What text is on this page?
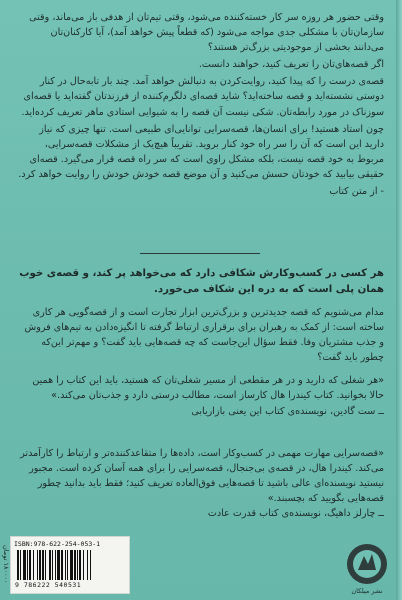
وقتی حضور هر روزه سر کار خسته‌کننده می‌شود، وقتی تیم‌تان از هدفی باز می‌ماند، وقتی سازمان‌تان با مشکلی جدی مواجه می‌شود (که قطعاً پیش خواهد آمد)، آیا کارکنان‌تان می‌دانند بخشی از موجودیتی بزرگ‌تر هستند؟

اگر قصه‌های‌تان را تعریف کنید، خواهند دانست.

قصه‌ی درست را که پیدا کنید، روایت‌کردن به دنبالش خواهد آمد. چند بار تابه‌حال در کنار دوستی نشسته‌اید و قصه ساخته‌اید؟ شاید قصه‌ای دلگرم‌کننده از فرزندتان گفته‌اید یا قصه‌ای سوزناک در مورد رابطه‌تان. شکی نیست آن قصه را به شیوایی استادی ماهر تعریف کرده‌اید.

چون استاد هستید! برای انسان‌ها، قصه‌سرایی توانایی‌ای طبیعی است. تنها چیزی که نیاز دارید این است که آن را سر راه خود کنار بروید. تقریباً هیچ‌یک از مشکلات قصه‌سرایی، مربوط به خود قصه نیست، بلکه مشکل راوی است که سر راه قصه قرار می‌گیرد. قصه‌ای حقیقی بیابید که خودتان حسش می‌کنید و آن موضع قصه خودش خودش را روایت خواهد کرد.

- از متن کتاب

هر کسی در کسب‌وکارش شکافی دارد که می‌خواهد پر کند، و قصه‌ی خوب همان پلی است که به دره این شکاف می‌خورد.

مدام می‌شنویم که قصه جدیدترین و بزرگ‌ترین ابزار تجارت است و از قصه‌گویی هر کاری ساخته است: از کمک به رهبران برای برقراری ارتباط گرفته تا انگیزه‌دادن به تیم‌های فروش و جذب مشتریان وفا. فقط سؤال این‌جاست که چه قصه‌هایی باید گفت؟ و مهم‌تر این‌که چطور باید گفت؟

«هر شغلی که دارید و در هر مقطعی از مسیر شغلی‌تان که هستید، باید این کتاب را همین حالا بخوانید. کتاب کیندرا هال کارساز است، مطالب درستی دارد و جذب‌تان می‌کند.»
ــ ست گادین، نویسنده‌ی کتاب این یعنی بازاریابی

«قصه‌سرایی مهارت مهمی در کسب‌وکار است، داده‌ها را متقاعدکننده‌تر و ارتباط را کارآمدتر می‌کند. کیندرا هال، در قصه‌ی بی‌جنجال، قصه‌سرایی را برای همه آسان کرده است. مجبور نیستید نویسنده‌ای عالی باشید تا قصه‌هایی فوق‌العاده تعریف کنید؛ فقط باید بدانید چطور قصه‌هایی بگویید که بچسبند.»
ــ چارلز داهیگ، نویسنده‌ی کتاب قدرت عادت

۱۸۰۰۰۰ تومان
ISBN:978-622-254-053-1
9 786222 540531
نشر میلکان
